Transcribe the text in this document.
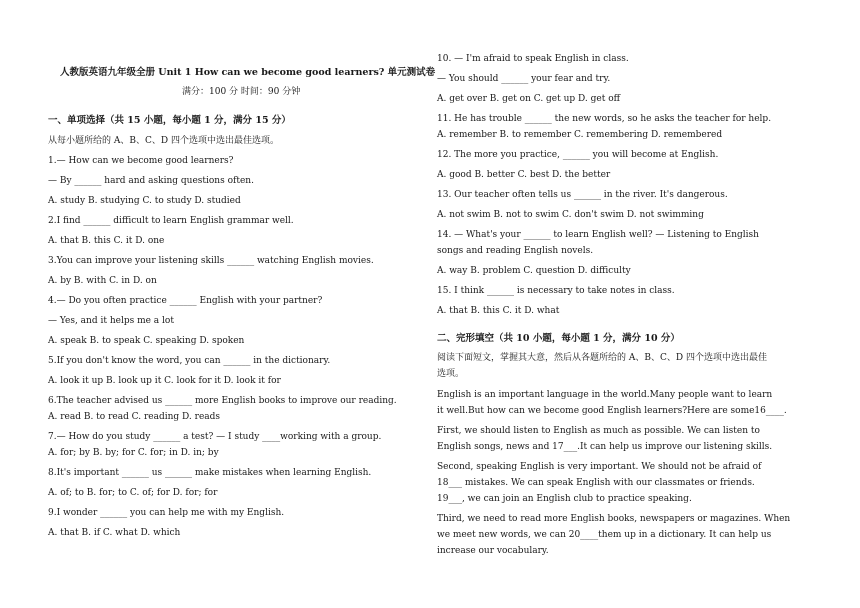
人教版英语九年级全册 Unit 1 How can we become good learners? 单元测试卷
满分：100 分 时间：90 分钟
一、单项选择（共 15 小题，每小题 1 分，满分 15 分）
从每小题所给的 A、B、C、D 四个选项中选出最佳选项。
1.— How can we become good learners?
— By ______ hard and asking questions often.
A. study B. studying C. to study D. studied
2.I find ______ difficult to learn English grammar well.
A. that B. this C. it D. one
3.You can improve your listening skills ______ watching English movies.
A. by B. with C. in D. on
4.— Do you often practice ______ English with your partner?
— Yes, and it helps me a lot
A. speak B. to speak C. speaking D. spoken
5.If you don't know the word, you can ______ in the dictionary.
A. look it up B. look up it C. look for it D. look it for
6.The teacher advised us ______ more English books to improve our reading.
A. read B. to read C. reading D. reads
7.— How do you study ______ a test? — I study ____working with a group.
A. for; by B. by; for C. for; in D. in; by
8.It's important ______ us ______ make mistakes when learning English.
A. of; to B. for; to C. of; for D. for; for
9.I wonder ______ you can help me with my English.
A. that B. if C. what D. which
10. — I'm afraid to speak English in class.
— You should ______ your fear and try.
A. get over B. get on C. get up D. get off
11. He has trouble ______ the new words, so he asks the teacher for help.
A. remember B. to remember C. remembering D. remembered
12. The more you practice, ______ you will become at English.
A. good B. better C. best D. the better
13. Our teacher often tells us ______ in the river. It's dangerous.
A. not swim B. not to swim C. don't swim D. not swimming
14. — What's your ______ to learn English well? — Listening to English
songs and reading English novels.
A. way B. problem C. question D. difficulty
15. I think ______ is necessary to take notes in class.
A. that B. this C. it D. what
二、完形填空（共 10 小题，每小题 1 分，满分 10 分）
阅读下面短文，掌握其大意，然后从各题所给的 A、B、C、D 四个选项中选出最佳
选项。
English is an important language in the world.Many people want to learn
it well.But how can we become good English learners?Here are some16____.
First, we should listen to English as much as possible. We can listen to
English songs, news and 17___.It can help us improve our listening skills.
Second, speaking English is very important. We should not be afraid of
18___ mistakes. We can speak English with our classmates or friends.
19___, we can join an English club to practice speaking.
Third, we need to read more English books, newspapers or magazines. When
we meet new words, we can 20____them up in a dictionary. It can help us
increase our vocabulary.
